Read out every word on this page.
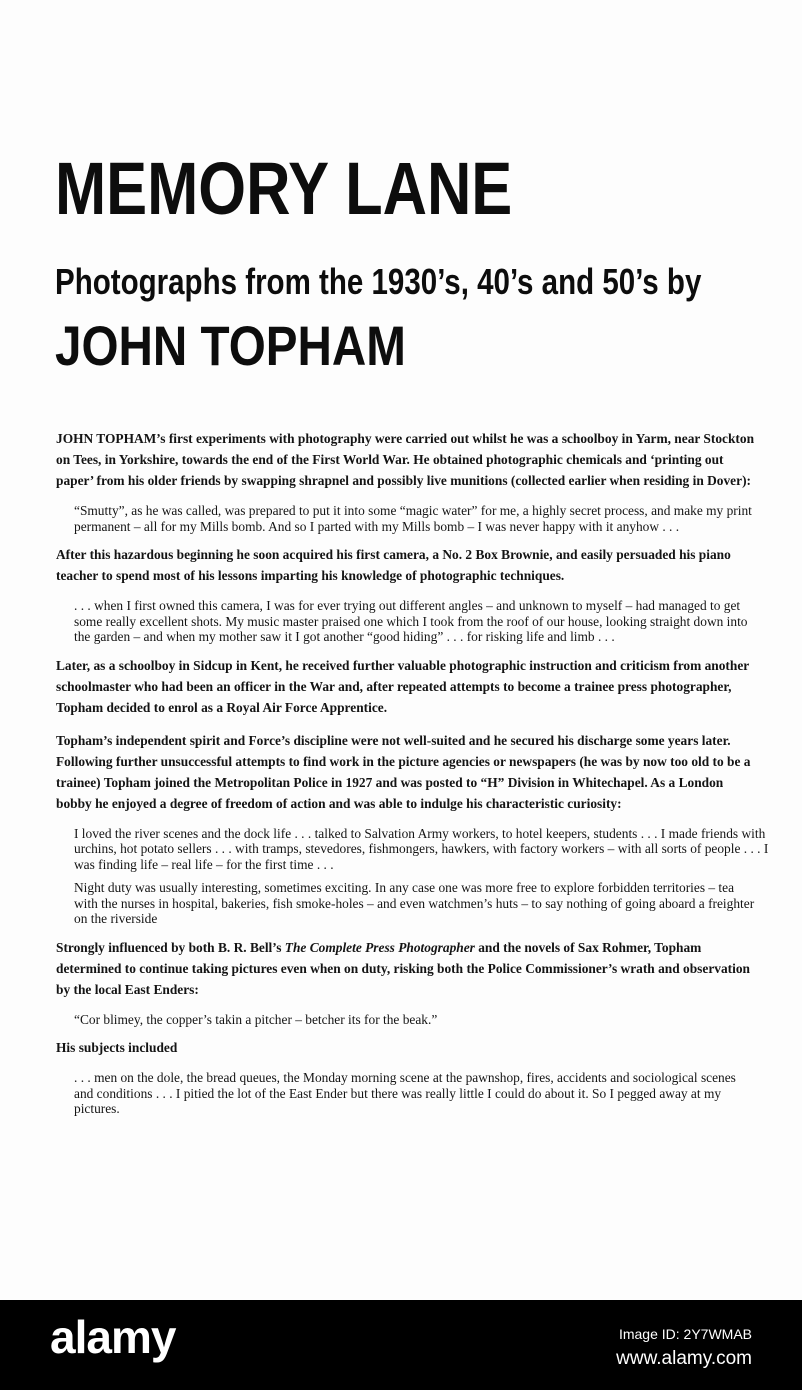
MEMORY LANE
Photographs from the 1930’s, 40’s and 50’s by
JOHN TOPHAM

JOHN TOPHAM’s first experiments with photography were carried out whilst he was a schoolboy in Yarm, near Stockton on Tees, in Yorkshire, towards the end of the First World War. He obtained photographic chemicals and ‘printing out paper’ from his older friends by swapping shrapnel and possibly live munitions (collected earlier when residing in Dover):

“Smutty”, as he was called, was prepared to put it into some “magic water” for me, a highly secret process, and make my print permanent – all for my Mills bomb. And so I parted with my Mills bomb – I was never happy with it anyhow . . .

After this hazardous beginning he soon acquired his first camera, a No. 2 Box Brownie, and easily persuaded his piano teacher to spend most of his lessons imparting his knowledge of photographic techniques.

. . . when I first owned this camera, I was for ever trying out different angles – and unknown to myself – had managed to get some really excellent shots. My music master praised one which I took from the roof of our house, looking straight down into the garden – and when my mother saw it I got another “good hiding” . . . for risking life and limb . . .

Later, as a schoolboy in Sidcup in Kent, he received further valuable photographic instruction and criticism from another schoolmaster who had been an officer in the War and, after repeated attempts to become a trainee press photographer, Topham decided to enrol as a Royal Air Force Apprentice.

Topham’s independent spirit and Force’s discipline were not well-suited and he secured his discharge some years later. Following further unsuccessful attempts to find work in the picture agencies or newspapers (he was by now too old to be a trainee) Topham joined the Metropolitan Police in 1927 and was posted to “H” Division in Whitechapel. As a London bobby he enjoyed a degree of freedom of action and was able to indulge his characteristic curiosity:

I loved the river scenes and the dock life . . . talked to Salvation Army workers, to hotel keepers, students . . . I made friends with urchins, hot potato sellers . . . with tramps, stevedores, fishmongers, hawkers, with factory workers – with all sorts of people . . . I was finding life – real life – for the first time . . .

Night duty was usually interesting, sometimes exciting. In any case one was more free to explore forbidden territories – tea with the nurses in hospital, bakeries, fish smoke-holes – and even watchmen’s huts – to say nothing of going aboard a freighter on the riverside

Strongly influenced by both B. R. Bell’s The Complete Press Photographer and the novels of Sax Rohmer, Topham determined to continue taking pictures even when on duty, risking both the Police Commissioner’s wrath and observation by the local East Enders:

“Cor blimey, the copper’s takin a pitcher – betcher its for the beak.”

His subjects included

. . . men on the dole, the bread queues, the Monday morning scene at the pawnshop, fires, accidents and sociological scenes and conditions . . . I pitied the lot of the East Ender but there was really little I could do about it. So I pegged away at my pictures.

alamy	Image ID: 2Y7WMAB
www.alamy.com
